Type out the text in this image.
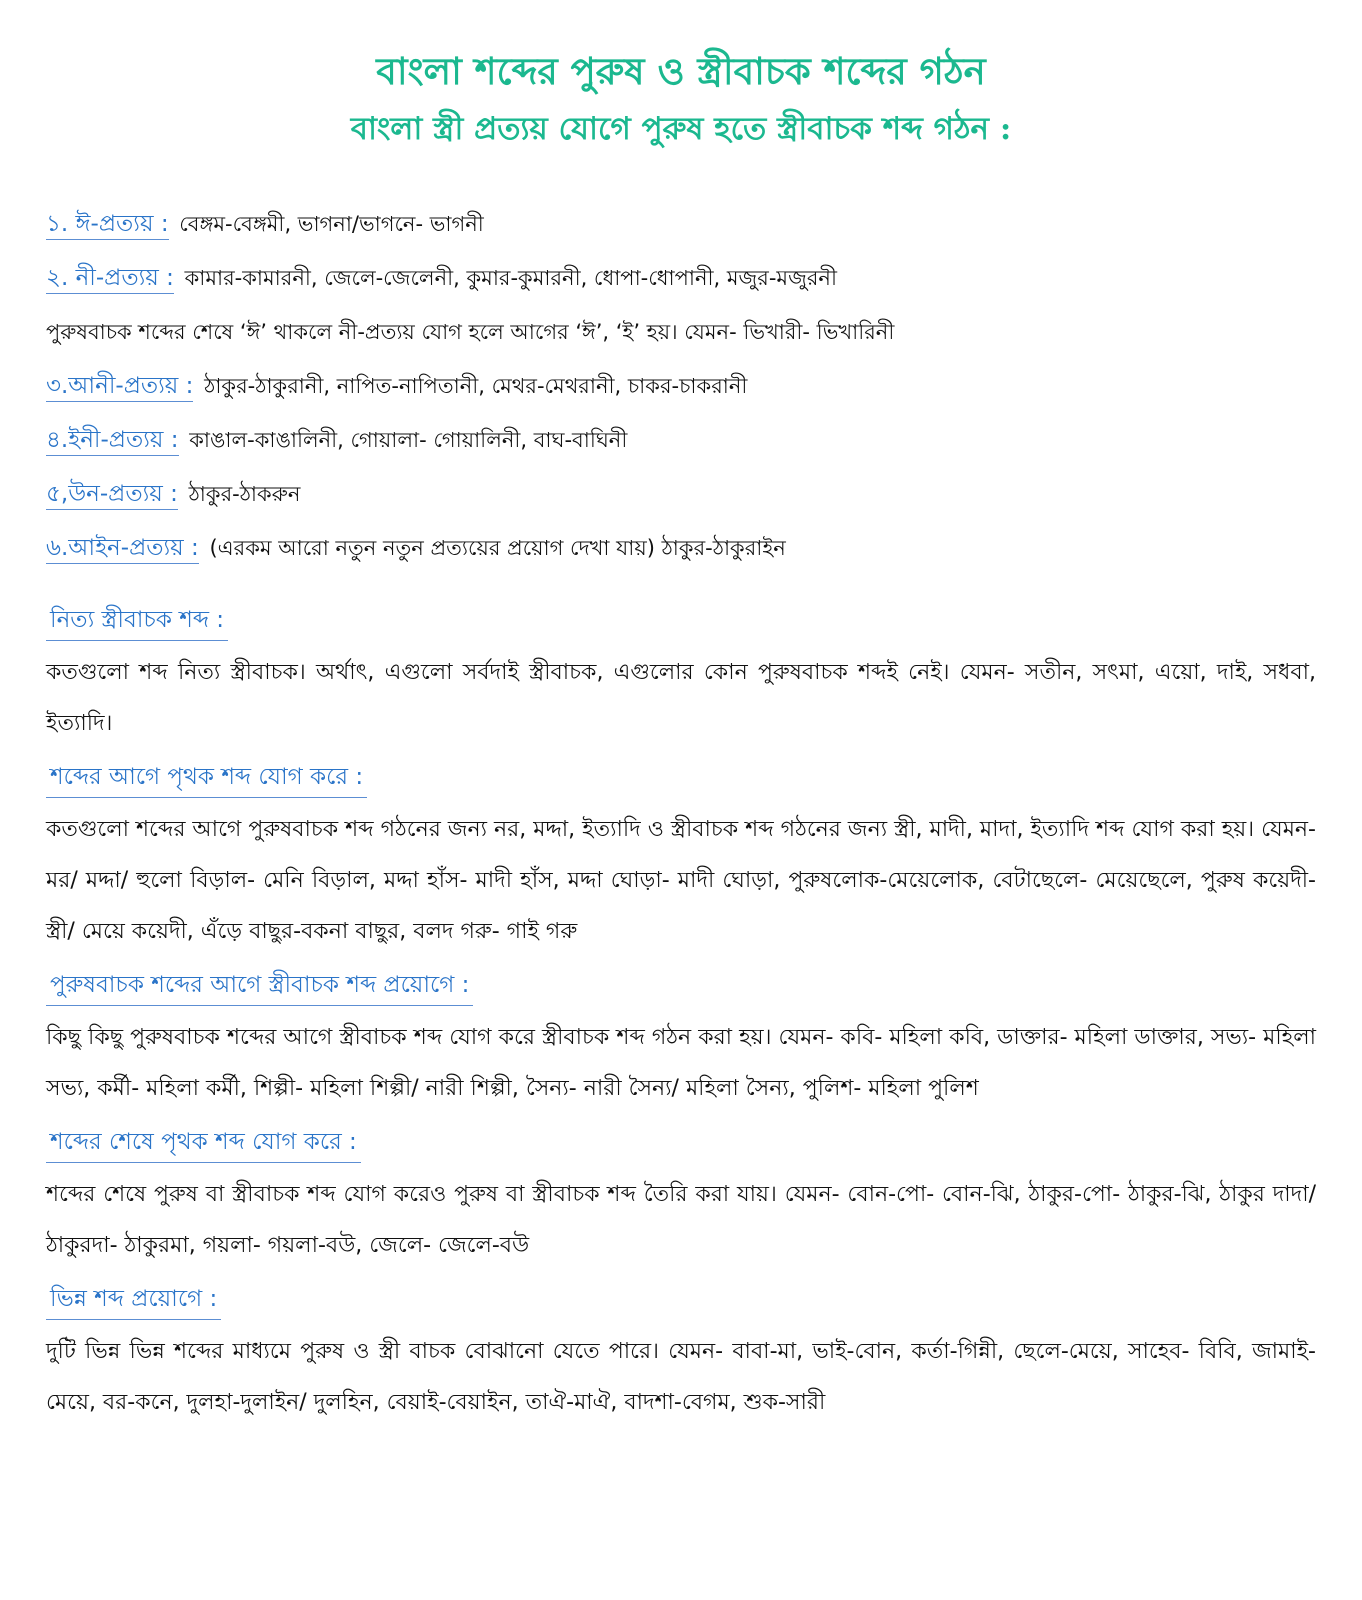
বাংলা শব্দের পুরুষ ও স্ত্রীবাচক শব্দের গঠন
বাংলা স্ত্রী প্রত্যয় যোগে পুরুষ হতে স্ত্রীবাচক শব্দ গঠন :
১. ঈ-প্রত্যয় : বেঙ্গম-বেঙ্গমী, ভাগনা/ভাগনে- ভাগনী
২. নী-প্রত্যয় : কামার-কামারনী, জেলে-জেলেনী, কুমার-কুমারনী, ধোপা-ধোপানী, মজুর-মজুরনী
পুরুষবাচক শব্দের শেষে ‘ঈ’ থাকলে নী-প্রত্যয় যোগ হলে আগের ‘ঈ’, ‘ই’ হয়। যেমন- ভিখারী- ভিখারিনী
৩.আনী-প্রত্যয় : ঠাকুর-ঠাকুরানী, নাপিত-নাপিতানী, মেথর-মেথরানী, চাকর-চাকরানী
৪.ইনী-প্রত্যয় : কাঙাল-কাঙালিনী, গোয়ালা- গোয়ালিনী, বাঘ-বাঘিনী
৫,উন-প্রত্যয় : ঠাকুর-ঠাকরুন
৬.আইন-প্রত্যয় : (এরকম আরো নতুন নতুন প্রত্যয়ের প্রয়োগ দেখা যায়) ঠাকুর-ঠাকুরাইন
নিত্য স্ত্রীবাচক শব্দ :

কতগুলো শব্দ নিত্য স্ত্রীবাচক। অর্থাৎ, এগুলো সর্বদাই স্ত্রীবাচক, এগুলোর কোন পুরুষবাচক শব্দই নেই। যেমন- সতীন, সৎমা, এয়ো, দাই, সধবা, ইত্যাদি।

শব্দের আগে পৃথক শব্দ যোগ করে :

কতগুলো শব্দের আগে পুরুষবাচক শব্দ গঠনের জন্য নর, মদ্দা, ইত্যাদি ও স্ত্রীবাচক শব্দ গঠনের জন্য স্ত্রী, মাদী, মাদা, ইত্যাদি শব্দ যোগ করা হয়। যেমন- মর/ মদ্দা/ হুলো বিড়াল- মেনি বিড়াল, মদ্দা হাঁস- মাদী হাঁস, মদ্দা ঘোড়া- মাদী ঘোড়া, পুরুষলোক-মেয়েলোক, বেটাছেলে- মেয়েছেলে, পুরুষ কয়েদী- স্ত্রী/ মেয়ে কয়েদী, এঁড়ে বাছুর-বকনা বাছুর, বলদ গরু- গাই গরু

পুরুষবাচক শব্দের আগে স্ত্রীবাচক শব্দ প্রয়োগে :

কিছু কিছু পুরুষবাচক শব্দের আগে স্ত্রীবাচক শব্দ যোগ করে স্ত্রীবাচক শব্দ গঠন করা হয়। যেমন- কবি- মহিলা কবি, ডাক্তার- মহিলা ডাক্তার, সভ্য- মহিলা সভ্য, কর্মী- মহিলা কর্মী, শিল্পী- মহিলা শিল্পী/ নারী শিল্পী, সৈন্য- নারী সৈন্য/ মহিলা সৈন্য, পুলিশ- মহিলা পুলিশ

শব্দের শেষে পৃথক শব্দ যোগ করে :

শব্দের শেষে পুরুষ বা স্ত্রীবাচক শব্দ যোগ করেও পুরুষ বা স্ত্রীবাচক শব্দ তৈরি করা যায়। যেমন- বোন-পো- বোন-ঝি, ঠাকুর-পো- ঠাকুর-ঝি, ঠাকুর দাদা/ ঠাকুরদা- ঠাকুরমা, গয়লা- গয়লা-বউ, জেলে- জেলে-বউ

ভিন্ন শব্দ প্রয়োগে :

দুটি ভিন্ন ভিন্ন শব্দের মাধ্যমে পুরুষ ও স্ত্রী বাচক বোঝানো যেতে পারে। যেমন- বাবা-মা, ভাই-বোন, কর্তা-গিন্নী, ছেলে-মেয়ে, সাহেব- বিবি, জামাই-মেয়ে, বর-কনে, দুলহা-দুলাইন/ দুলহিন, বেয়াই-বেয়াইন, তাঐ-মাঐ, বাদশা-বেগম, শুক-সারী
